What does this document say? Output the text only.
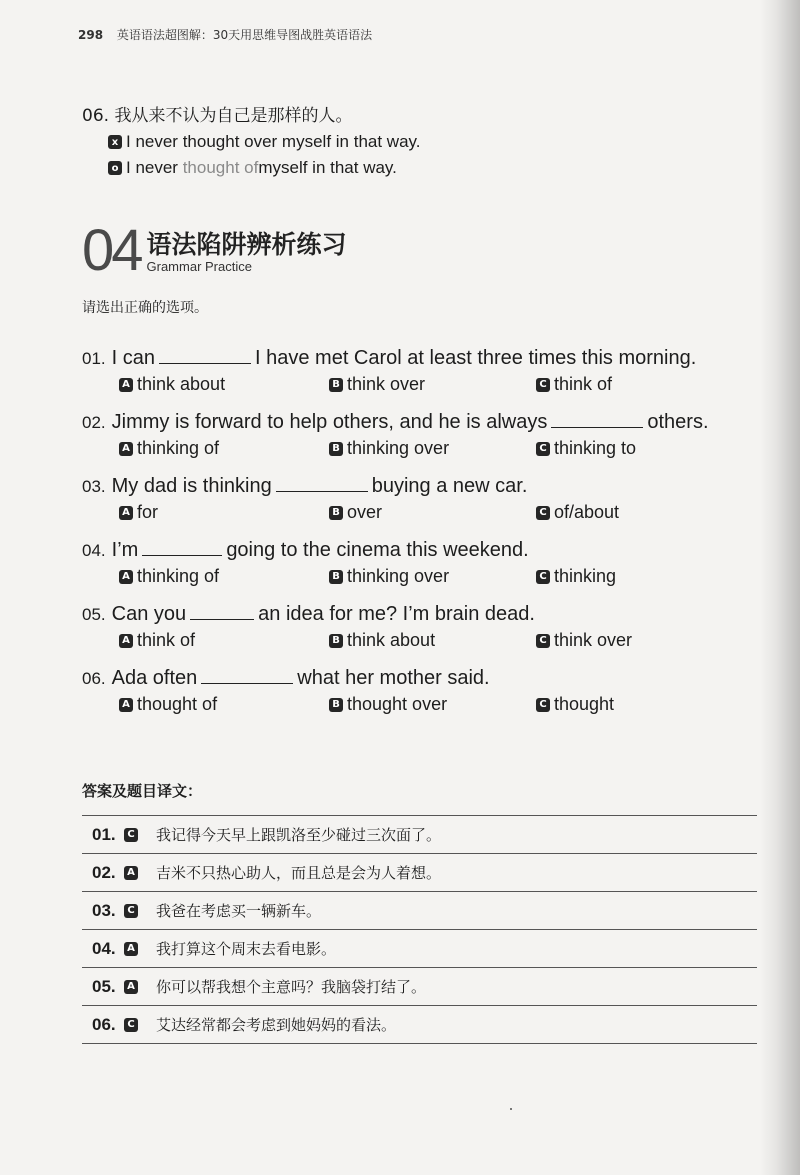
298 英语语法超图解：30天用思维导图战胜英语语法
06. 我从来不认为自己是那样的人。
x I never thought over myself in that way.
o I never thought of myself in that way.
04 语法陷阱辨析练习
Grammar Practice
请选出正确的选项。
01. I can	I have met Carol at least three times this morning.
A think about	B think over	C think of
02. Jimmy is forward to help others, and he is always	others.
A thinking of	B thinking over	C thinking to
03. My dad is thinking	buying a new car.
A for	B over	C of/about
04. I’m	going to the cinema this weekend.
A thinking of	B thinking over	C thinking
05. Can you	an idea for me? I’m brain dead.
A think of	B think about	C think over
06. Ada often	what her mother said.
A thought of	B thought over	C thought
答案及题目译文：
01.	C 我记得今天早上跟凯洛至少碰过三次面了。
02.	A 吉米不只热心助人，而且总是会为人着想。
03.	C 我爸在考虑买一辆新车。
04.	A 我打算这个周末去看电影。
05.	A 你可以帮我想个主意吗？我脑袋打结了。
06.	C 艾达经常都会考虑到她妈妈的看法。
